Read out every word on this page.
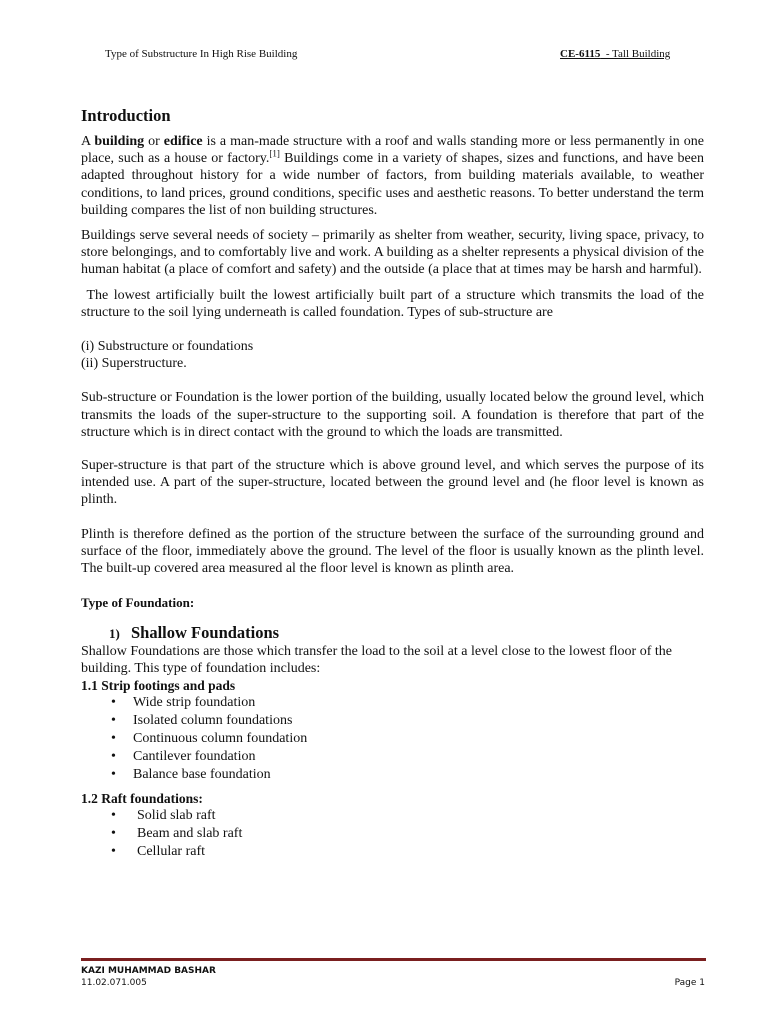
Type of Substructure In High Rise Building	CE-6115  - Tall Building
Introduction

A building or edifice is a man-made structure with a roof and walls standing more or less permanently in one place, such as a house or factory.[1] Buildings come in a variety of shapes, sizes and functions, and have been adapted throughout history for a wide number of factors, from building materials available, to weather conditions, to land prices, ground conditions, specific uses and aesthetic reasons. To better understand the term building compares the list of non building structures.

Buildings serve several needs of society – primarily as shelter from weather, security, living space, privacy, to store belongings, and to comfortably live and work. A building as a shelter represents a physical division of the human habitat (a place of comfort and safety) and the outside (a place that at times may be harsh and harmful).

The lowest artificially built the lowest artificially built part of a structure which transmits the load of the structure to the soil lying underneath is called foundation. Types of sub-structure are

(i) Substructure or foundations

(ii) Superstructure.

Sub-structure or Foundation is the lower portion of the building, usually located below the ground level, which transmits the loads of the super-structure to the supporting soil. A foundation is therefore that part of the structure which is in direct contact with the ground to which the loads are transmitted.

Super-structure is that part of the structure which is above ground level, and which serves the purpose of its intended use. A part of the super-structure, located between the ground level and (he floor level is known as plinth.

Plinth is therefore defined as the portion of the structure between the surface of the surrounding ground and surface of the floor, immediately above the ground. The level of the floor is usually known as the plinth level. The built-up covered area measured al the floor level is known as plinth area.

Type of Foundation:
1) Shallow Foundations

Shallow Foundations are those which transfer the load to the soil at a level close to the lowest floor of the building. This type of foundation includes:

1.1 Strip footings and pads
• Wide strip foundation
• Isolated column foundations
• Continuous column foundation
• Cantilever foundation
• Balance base foundation
1.2 Raft foundations:
• Solid slab raft
• Beam and slab raft
• Cellular raft
KAZI MUHAMMAD BASHAR
11.02.071.005	Page 1
